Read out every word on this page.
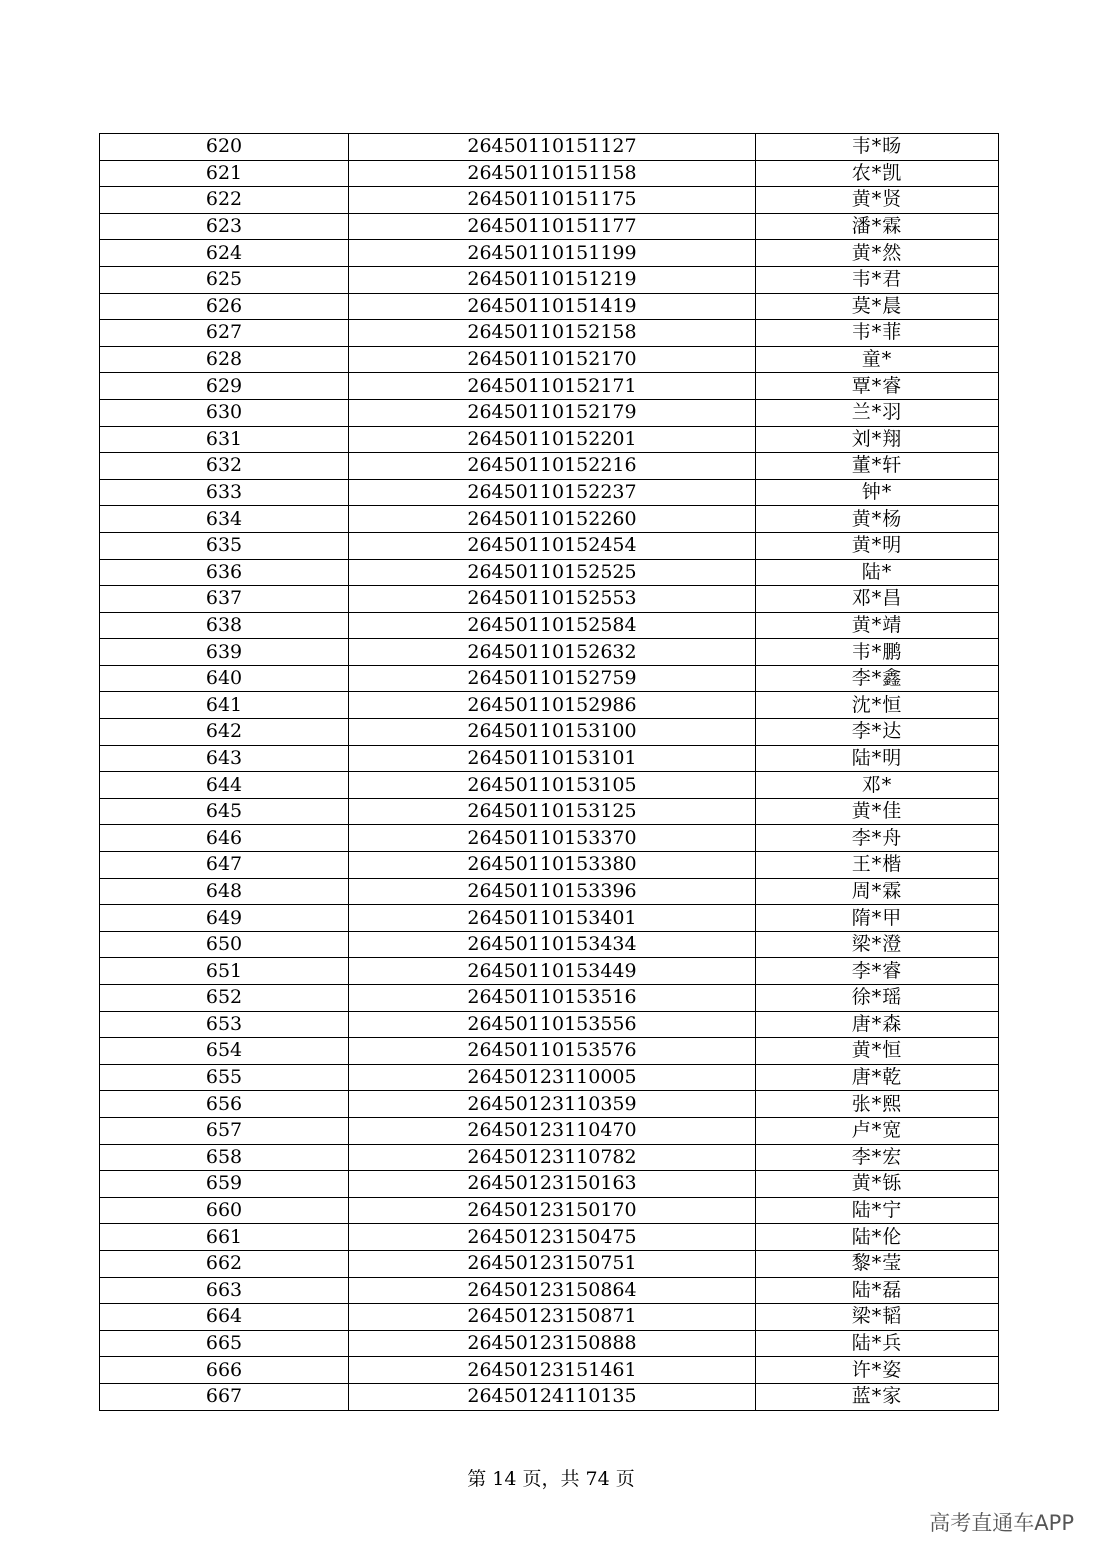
620	26450110151127	韦*旸
621	26450110151158	农*凯
622	26450110151175	黄*贤
623	26450110151177	潘*霖
624	26450110151199	黄*然
625	26450110151219	韦*君
626	26450110151419	莫*晨
627	26450110152158	韦*菲
628	26450110152170	童*
629	26450110152171	覃*睿
630	26450110152179	兰*羽
631	26450110152201	刘*翔
632	26450110152216	董*轩
633	26450110152237	钟*
634	26450110152260	黄*杨
635	26450110152454	黄*明
636	26450110152525	陆*
637	26450110152553	邓*昌
638	26450110152584	黄*靖
639	26450110152632	韦*鹏
640	26450110152759	李*鑫
641	26450110152986	沈*恒
642	26450110153100	李*达
643	26450110153101	陆*明
644	26450110153105	邓*
645	26450110153125	黄*佳
646	26450110153370	李*舟
647	26450110153380	王*楷
648	26450110153396	周*霖
649	26450110153401	隋*甲
650	26450110153434	梁*澄
651	26450110153449	李*睿
652	26450110153516	徐*瑶
653	26450110153556	唐*森
654	26450110153576	黄*恒
655	26450123110005	唐*乾
656	26450123110359	张*熙
657	26450123110470	卢*宽
658	26450123110782	李*宏
659	26450123150163	黄*铄
660	26450123150170	陆*宁
661	26450123150475	陆*伦
662	26450123150751	黎*莹
663	26450123150864	陆*磊
664	26450123150871	梁*韬
665	26450123150888	陆*兵
666	26450123151461	许*姿
667	26450124110135	蓝*家
第 14 页，共 74 页
高考直通车APP
